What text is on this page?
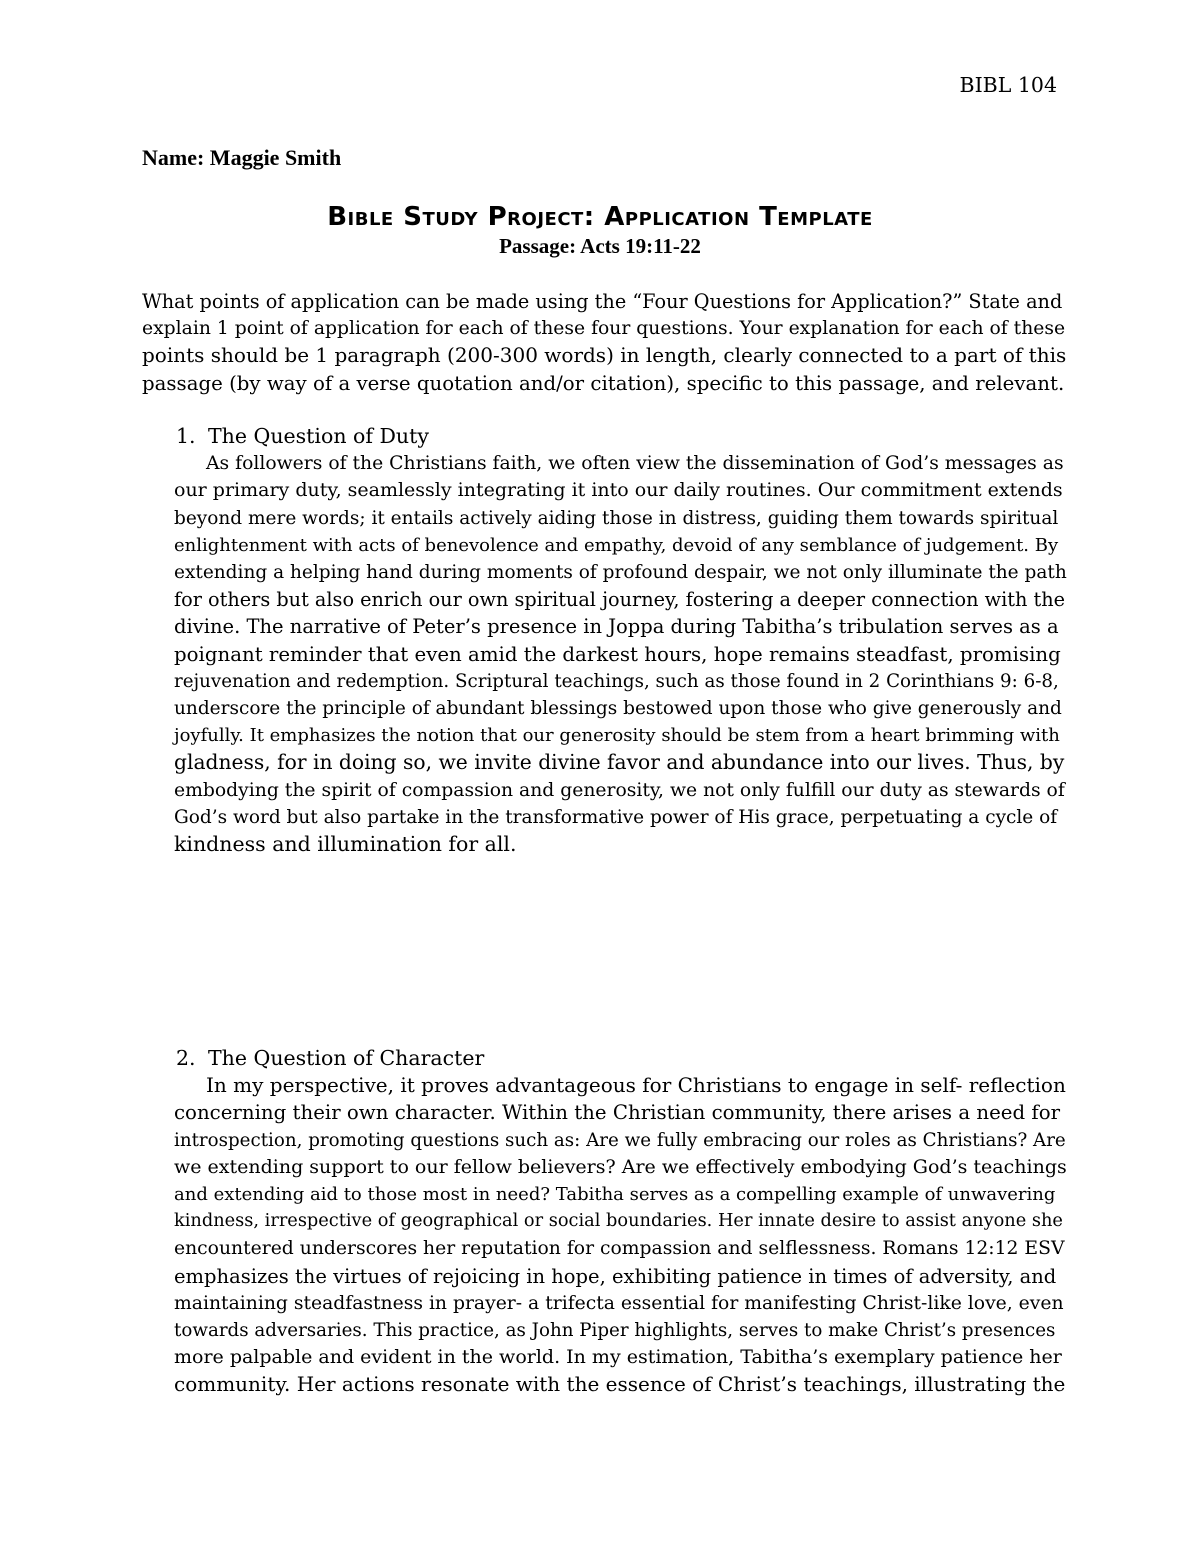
BIBL 104
Name: Maggie Smith
Bible Study Project: Application Template
Passage: Acts 19:11-22
What points of application can be made using the “Four Questions for Application?” State and
explain 1 point of application for each of these four questions. Your explanation for each of these
points should be 1 paragraph (200-300 words) in length, clearly connected to a part of this
passage (by way of a verse quotation and/or citation), specific to this passage, and relevant.
1. The Question of Duty
As followers of the Christians faith, we often view the dissemination of God’s messages as
our primary duty, seamlessly integrating it into our daily routines. Our commitment extends
beyond mere words; it entails actively aiding those in distress, guiding them towards spiritual
enlightenment with acts of benevolence and empathy, devoid of any semblance of judgement. By
extending a helping hand during moments of profound despair, we not only illuminate the path
for others but also enrich our own spiritual journey, fostering a deeper connection with the
divine. The narrative of Peter’s presence in Joppa during Tabitha’s tribulation serves as a
poignant reminder that even amid the darkest hours, hope remains steadfast, promising
rejuvenation and redemption. Scriptural teachings, such as those found in 2 Corinthians 9: 6-8,
underscore the principle of abundant blessings bestowed upon those who give generously and
joyfully. It emphasizes the notion that our generosity should be stem from a heart brimming with
gladness, for in doing so, we invite divine favor and abundance into our lives. Thus, by
embodying the spirit of compassion and generosity, we not only fulfill our duty as stewards of
God’s word but also partake in the transformative power of His grace, perpetuating a cycle of
kindness and illumination for all.
2. The Question of Character
In my perspective, it proves advantageous for Christians to engage in self- reflection
concerning their own character. Within the Christian community, there arises a need for
introspection, promoting questions such as: Are we fully embracing our roles as Christians? Are
we extending support to our fellow believers? Are we effectively embodying God’s teachings
and extending aid to those most in need? Tabitha serves as a compelling example of unwavering
kindness, irrespective of geographical or social boundaries. Her innate desire to assist anyone she
encountered underscores her reputation for compassion and selflessness. Romans 12:12 ESV
emphasizes the virtues of rejoicing in hope, exhibiting patience in times of adversity, and
maintaining steadfastness in prayer- a trifecta essential for manifesting Christ-like love, even
towards adversaries. This practice, as John Piper highlights, serves to make Christ’s presences
more palpable and evident in the world. In my estimation, Tabitha’s exemplary patience her
community. Her actions resonate with the essence of Christ’s teachings, illustrating the
